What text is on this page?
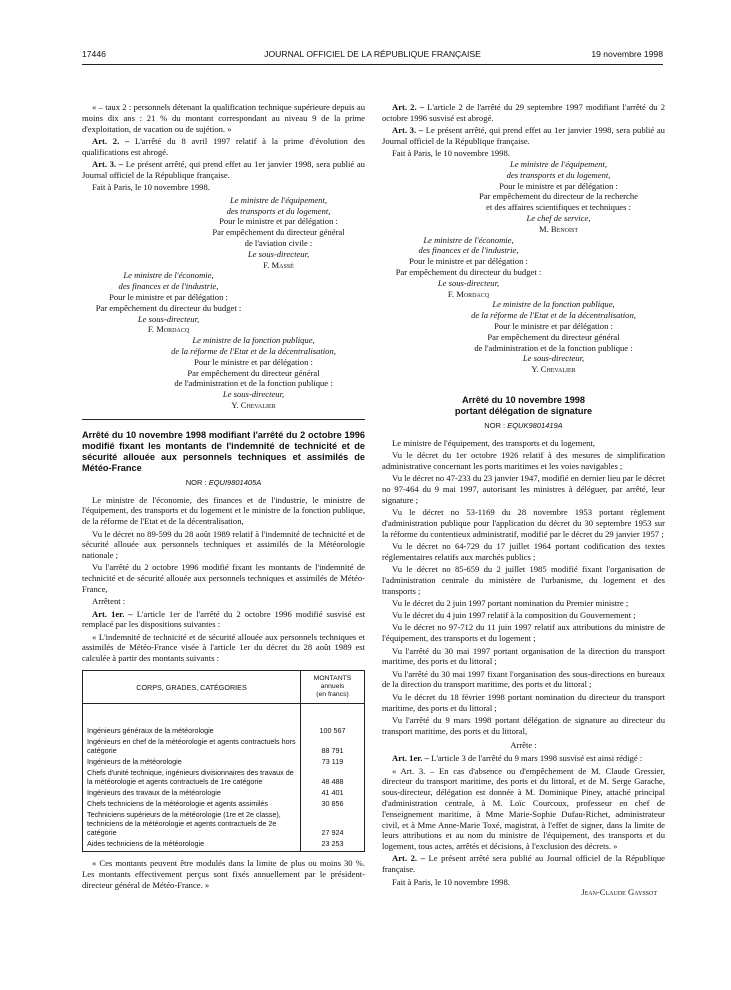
17446	JOURNAL OFFICIEL DE LA RÉPUBLIQUE FRANÇAISE	19 novembre 1998
« – taux 2 : personnels détenant la qualification technique supérieure depuis au moins dix ans : 21 % du montant correspondant au niveau 9 de la prime d'exploitation, de vacation ou de sujétion. »
Art. 2. – L'arrêté du 8 avril 1997 relatif à la prime d'évolution des qualifications est abrogé.
Art. 3. – Le présent arrêté, qui prend effet au 1er janvier 1998, sera publié au Journal officiel de la République française.
Fait à Paris, le 10 novembre 1998.
Le ministre de l'équipement,
des transports et du logement,
Pour le ministre et par délégation :
Par empêchement du directeur général
de l'aviation civile :
Le sous-directeur,
F. Massé
Le ministre de l'économie,
des finances et de l'industrie,
Pour le ministre et par délégation :
Par empêchement du directeur du budget :
Le sous-directeur,
F. Mordacq
Le ministre de la fonction publique,
de la réforme de l'Etat et de la décentralisation,
Pour le ministre et par délégation :
Par empêchement du directeur général
de l'administration et de la fonction publique :
Le sous-directeur,
Y. Chevalier
Arrêté du 10 novembre 1998 modifiant l'arrêté du 2 octobre 1996 modifié fixant les montants de l'indemnité de technicité et de sécurité allouée aux personnels techniques et assimilés de Météo-France
NOR : EQUI9801405A
Le ministre de l'économie, des finances et de l'industrie, le ministre de l'équipement, des transports et du logement et le ministre de la fonction publique, de la réforme de l'Etat et de la décentralisation,
Vu le décret no 89-599 du 28 août 1989 relatif à l'indemnité de technicité et de sécurité allouée aux personnels techniques et assimilés de la Météorologie nationale ;
Vu l'arrêté du 2 octobre 1996 modifié fixant les montants de l'indemnité de technicité et de sécurité allouée aux personnels techniques et assimilés de Météo-France,
Arrêtent :
Art. 1er. – L'article 1er de l'arrêté du 2 octobre 1996 modifié susvisé est remplacé par les dispositions suivantes :
« L'indemnité de technicité et de sécurité allouée aux personnels techniques et assimilés de Météo-France visée à l'article 1er du décret du 28 août 1989 est calculée à partir des montants suivants :
CORPS, GRADES, CATÉGORIES	MONTANTS
annuels
(en francs)

Ingénieurs généraux de la météorologie	100 567
Ingénieurs en chef de la météorologie et agents contractuels hors catégorie	88 791
Ingénieurs de la météorologie	73 119
Chefs d'unité technique, ingénieurs divisionnaires des travaux de la météorologie et agents contractuels de 1re catégorie	48 488
Ingénieurs des travaux de la météorologie	41 401
Chefs techniciens de la météorologie et agents assimilés	30 856
Techniciens supérieurs de la météorologie (1re et 2e classe), techniciens de la météorologie et agents contractuels de 2e catégorie	27 924
Aides techniciens de la météorologie	23 253
« Ces montants peuvent être modulés dans la limite de plus ou moins 30 %. Les montants effectivement perçus sont fixés annuellement par le président-directeur général de Météo-France. »
Art. 2. – L'article 2 de l'arrêté du 29 septembre 1997 modifiant l'arrêté du 2 octobre 1996 susvisé est abrogé.
Art. 3. – Le présent arrêté, qui prend effet au 1er janvier 1998, sera publié au Journal officiel de la République française.
Fait à Paris, le 10 novembre 1998.
Le ministre de l'équipement,
des transports et du logement,
Pour le ministre et par délégation :
Par empêchement du directeur de la recherche
et des affaires scientifiques et techniques :
Le chef de service,
M. Benoist
Le ministre de l'économie,
des finances et de l'industrie,
Pour le ministre et par délégation :
Par empêchement du directeur du budget :
Le sous-directeur,
F. Mordacq
Le ministre de la fonction publique,
de la réforme de l'Etat et de la décentralisation,
Pour le ministre et par délégation :
Par empêchement du directeur général
de l'administration et de la fonction publique :
Le sous-directeur,
Y. Chevalier
Arrêté du 10 novembre 1998
portant délégation de signature
NOR : EQUK9801419A
Le ministre de l'équipement, des transports et du logement,
Vu le décret du 1er octobre 1926 relatif à des mesures de simplification administrative concernant les ports maritimes et les voies navigables ;
Vu le décret no 47-233 du 23 janvier 1947, modifié en dernier lieu par le décret no 97-464 du 9 mai 1997, autorisant les ministres à déléguer, par arrêté, leur signature ;
Vu le décret no 53-1169 du 28 novembre 1953 portant règlement d'administration publique pour l'application du décret du 30 septembre 1953 sur la réforme du contentieux administratif, modifié par le décret du 29 janvier 1957 ;
Vu le décret no 64-729 du 17 juillet 1964 portant codification des textes réglementaires relatifs aux marchés publics ;
Vu le décret no 85-659 du 2 juillet 1985 modifié fixant l'organisation de l'administration centrale du ministère de l'urbanisme, du logement et des transports ;
Vu le décret du 2 juin 1997 portant nomination du Premier ministre ;
Vu le décret du 4 juin 1997 relatif à la composition du Gouvernement ;
Vu le décret no 97-712 du 11 juin 1997 relatif aux attributions du ministre de l'équipement, des transports et du logement ;
Vu l'arrêté du 30 mai 1997 portant organisation de la direction du transport maritime, des ports et du littoral ;
Vu l'arrêté du 30 mai 1997 fixant l'organisation des sous-directions en bureaux de la direction du transport maritime, des ports et du littoral ;
Vu le décret du 18 février 1998 portant nomination du directeur du transport maritime, des ports et du littoral ;
Vu l'arrêté du 9 mars 1998 portant délégation de signature au directeur du transport maritime, des ports et du littoral,
Arrête :
Art. 1er. – L'article 3 de l'arrêté du 9 mars 1998 susvisé est ainsi rédigé :
« Art. 3. – En cas d'absence ou d'empêchement de M. Claude Gressier, directeur du transport maritime, des ports et du littoral, et de M. Serge Garache, sous-directeur, délégation est donnée à M. Dominique Piney, attaché principal d'administration centrale, à M. Loïc Courcoux, professeur en chef de l'enseignement maritime, à Mme Marie-Sophie Dufau-Richet, administrateur civil, et à Mme Anne-Marie Toxé, magistrat, à l'effet de signer, dans la limite de leurs attributions et au nom du ministre de l'équipement, des transports et du logement, tous actes, arrêtés et décisions, à l'exclusion des décrets. »
Art. 2. – Le présent arrêté sera publié au Journal officiel de la République française.
Fait à Paris, le 10 novembre 1998.
Jean-Claude Gayssot
